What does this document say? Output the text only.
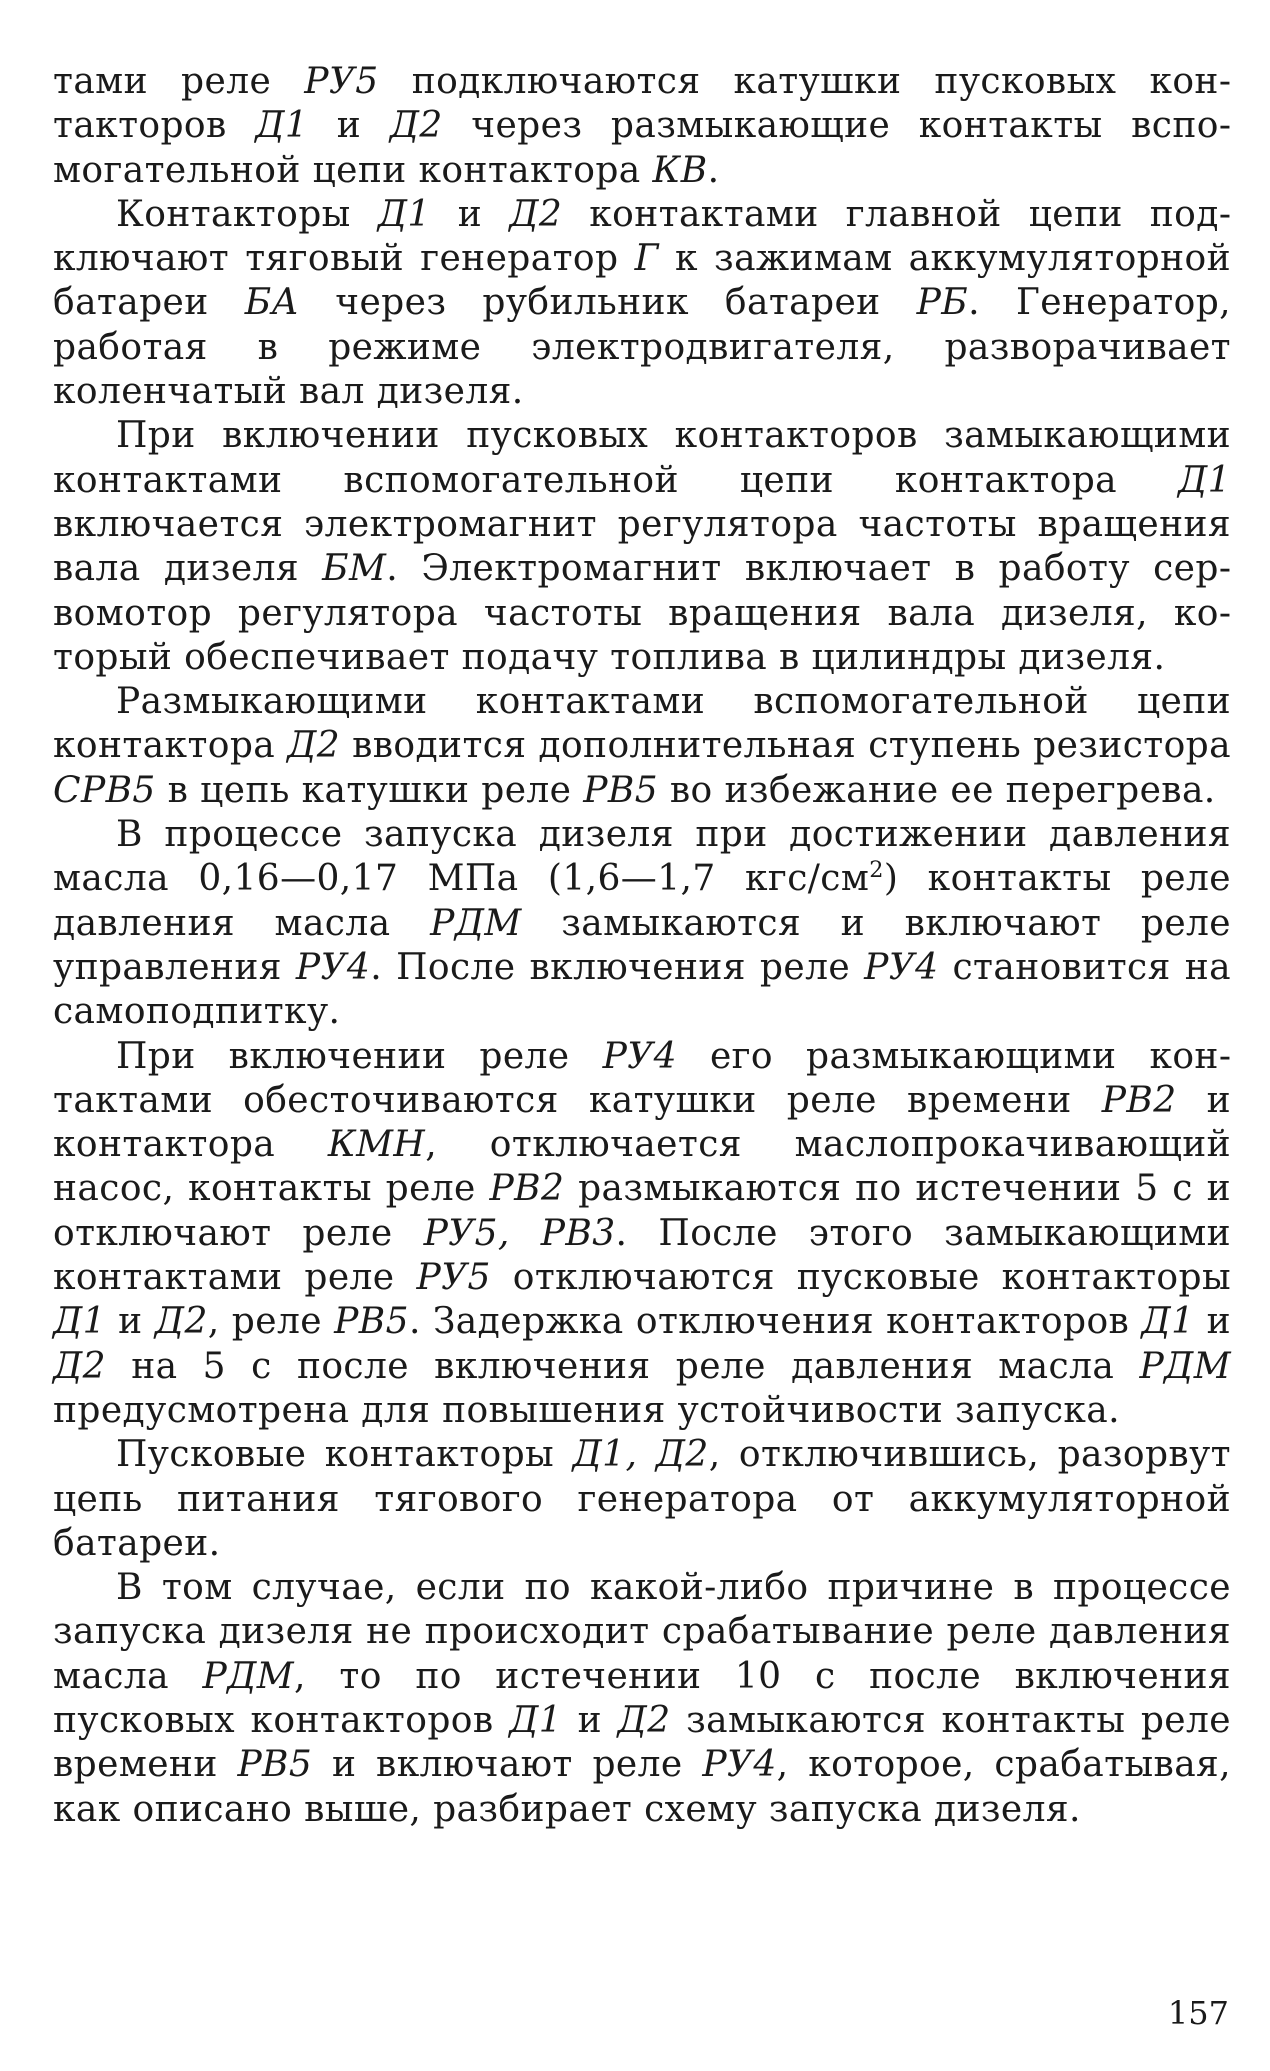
тами реле РУ5 подключаются катушки пусковых контакторов Д1 и Д2 через размыкающие контакты вспомогательной цепи контактора КВ.

Контакторы Д1 и Д2 контактами главной цепи подключают тяговый генератор Г к зажимам аккумуляторной батареи БА через рубильник батареи РБ. Генератор, работая в режиме электродвигателя, разворачивает коленчатый вал дизеля.

При включении пусковых контакторов замыкающими контактами вспомогательной цепи контактора Д1 включается электромагнит регулятора частоты вращения вала дизеля БМ. Электромагнит включает в работу сервомотор регулятора частоты вращения вала дизеля, который обеспечивает подачу топлива в цилиндры дизеля.

Размыкающими контактами вспомогательной цепи контактора Д2 вводится дополнительная ступень резистора СРВ5 в цепь катушки реле РВ5 во избежание ее перегрева.

В процессе запуска дизеля при достижении давления масла 0,16—0,17 МПа (1,6—1,7 кгс/$см^2$) контакты реле давления масла РДМ замыкаются и включают реле управления РУ4. После включения реле РУ4 становится на самоподпитку.

При включении реле РУ4 его размыкающими контактами обесточиваются катушки реле времени РВ2 и контактора КМН, отключается маслопрокачивающий насос, контакты реле РВ2 размыкаются по истечении 5 с и отключают реле РУ5, РВ3. После этого замыкающими контактами реле РУ5 отключаются пусковые контакторы Д1 и Д2, реле РВ5. Задержка отключения контакторов Д1 и Д2 на 5 с после включения реле давления масла РДМ предусмотрена для повышения устойчивости запуска.

Пусковые контакторы Д1, Д2, отключившись, разорвут цепь питания тягового генератора от аккумуляторной батареи.

В том случае, если по какой-либо причине в процессе запуска дизеля не происходит срабатывание реле давления масла РДМ, то по истечении 10 с после включения пусковых контакторов Д1 и Д2 замыкаются контакты реле времени РВ5 и включают реле РУ4, которое, срабатывая, как описано выше, разбирает схему запуска дизеля.

157
